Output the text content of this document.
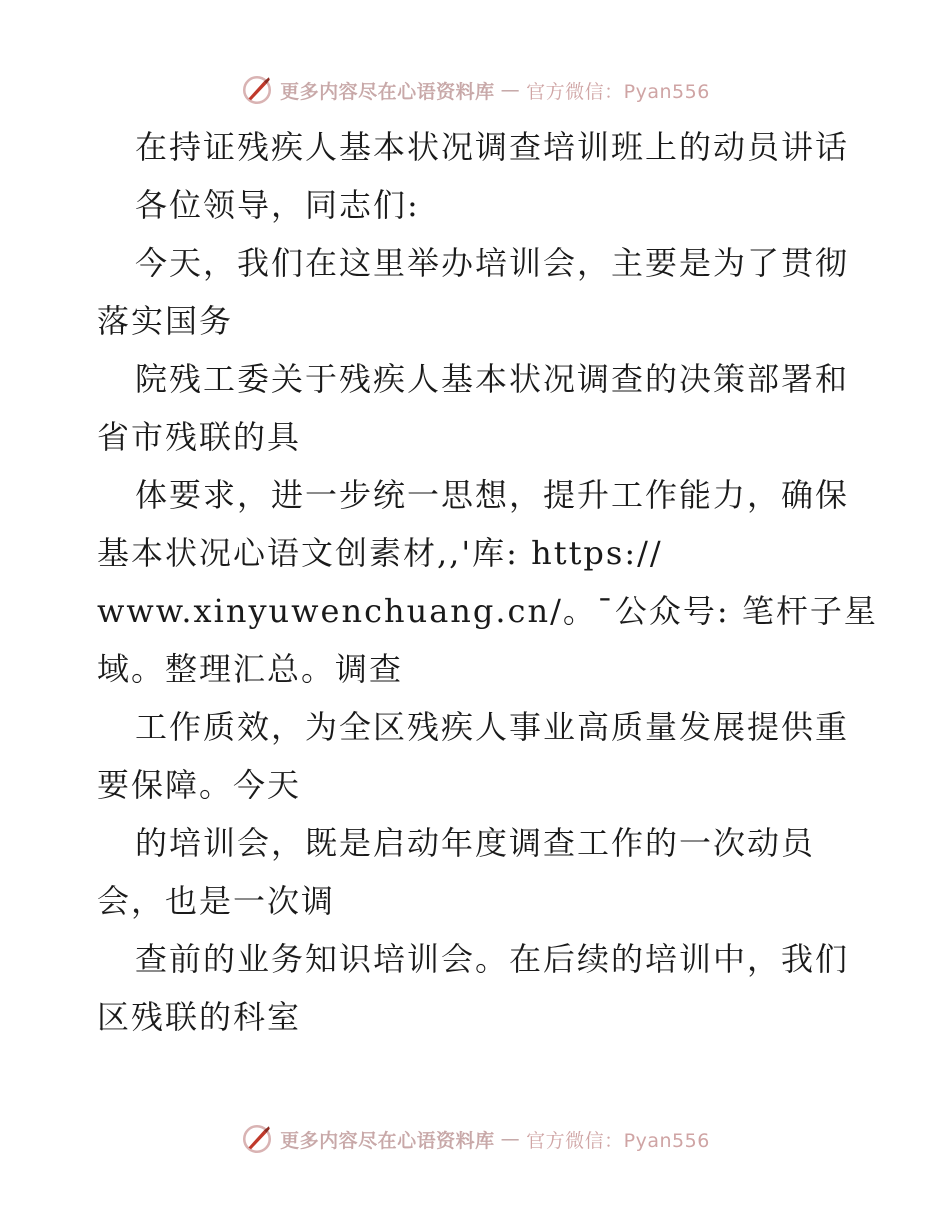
更多内容尽在心语资料库 — 官方微信：Pyan556
在持证残疾人基本状况调查培训班上的动员讲话
各位领导，同志们:
今天，我们在这里举办培训会，主要是为了贯彻
落实国务
院残工委关于残疾人基本状况调查的决策部署和
省市残联的具
体要求，进一步统一思想，提升工作能力，确保
基本状况心语文创素材,,'库: https://
www.xinyuwenchuang.cn/。¯公众号: 笔杆子星
域。整理汇总。调查
工作质效，为全区残疾人事业高质量发展提供重
要保障。今天
的培训会，既是启动年度调查工作的一次动员
会，也是一次调
查前的业务知识培训会。在后续的培训中，我们
区残联的科室
更多内容尽在心语资料库 — 官方微信：Pyan556
